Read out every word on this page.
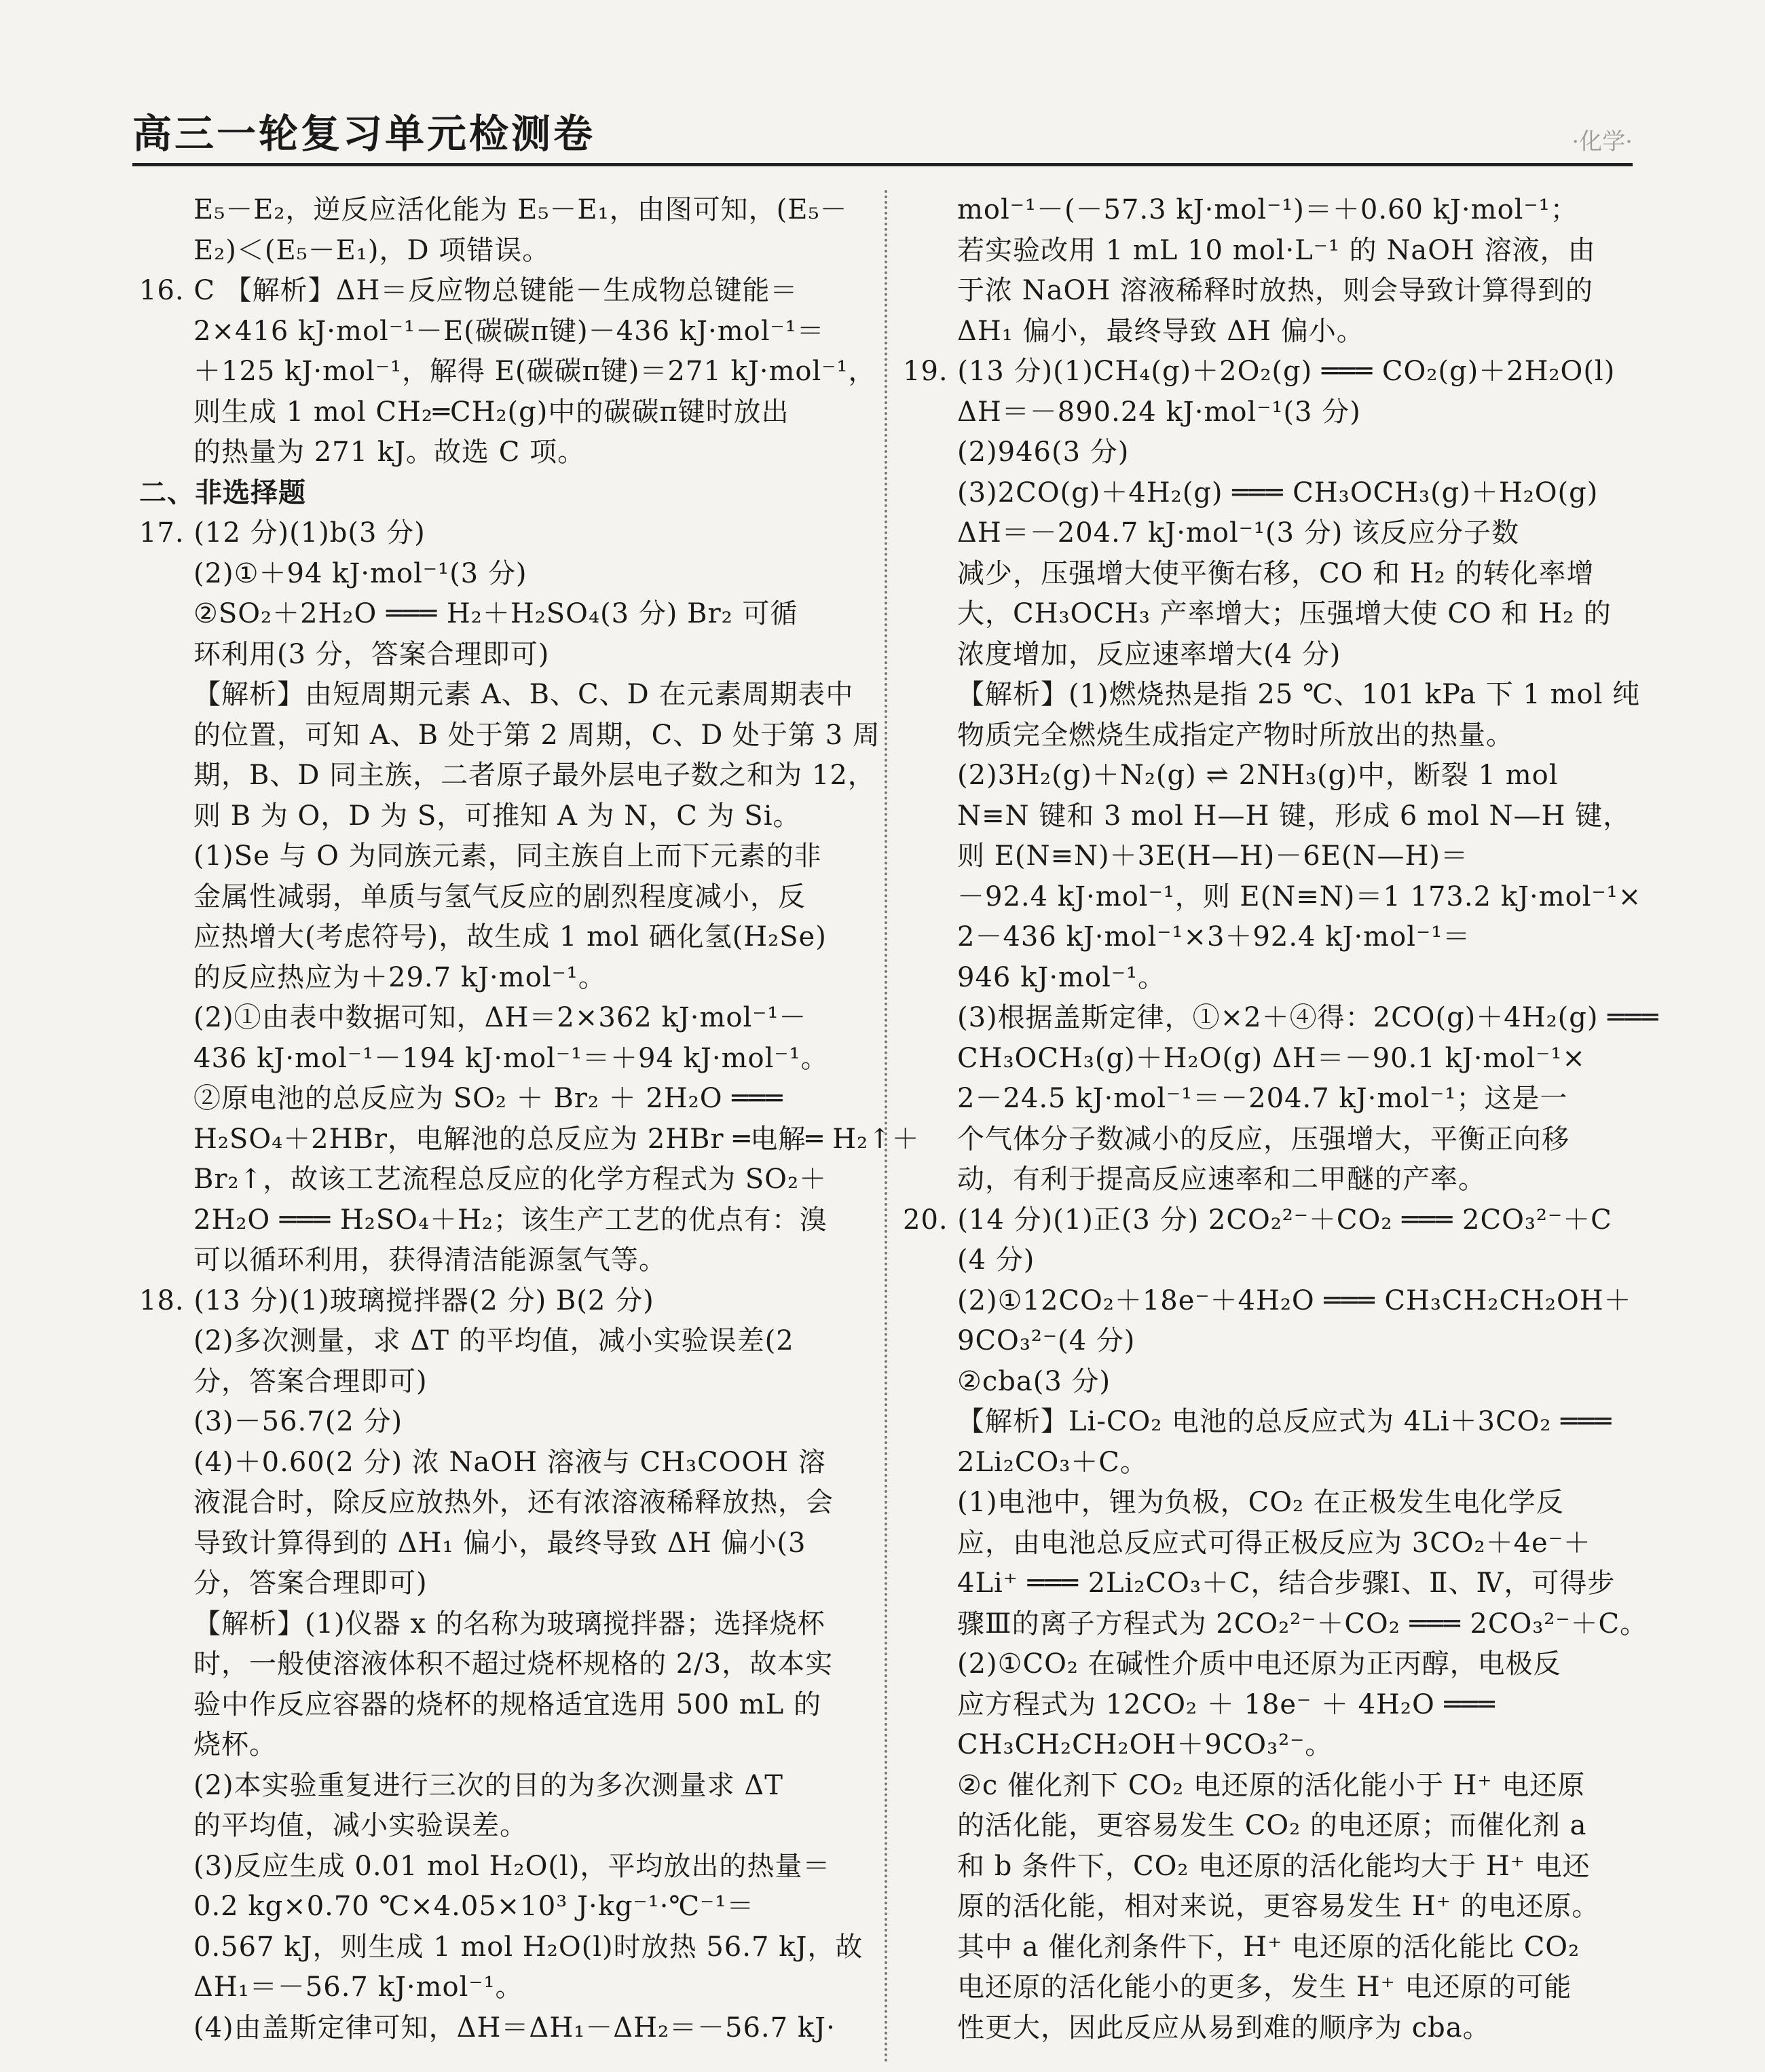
高三一轮复习单元检测卷	·化学·
E₅－E₂，逆反应活化能为 E₅－E₁，由图可知，(E₅－
E₂)＜(E₅－E₁)，D 项错误。
16. C 【解析】ΔH＝反应物总键能－生成物总键能＝
2×416 kJ·mol⁻¹－E(碳碳π键)－436 kJ·mol⁻¹＝
＋125 kJ·mol⁻¹，解得 E(碳碳π键)＝271 kJ·mol⁻¹，
则生成 1 mol CH₂═CH₂(g)中的碳碳π键时放出
的热量为 271 kJ。故选 C 项。
二、非选择题
17. (12 分)(1)b(3 分)
(2)①＋94 kJ·mol⁻¹(3 分)
②SO₂＋2H₂O ═══ H₂＋H₂SO₄(3 分) Br₂ 可循
环利用(3 分，答案合理即可)
【解析】由短周期元素 A、B、C、D 在元素周期表中
的位置，可知 A、B 处于第 2 周期，C、D 处于第 3 周
期，B、D 同主族，二者原子最外层电子数之和为 12，
则 B 为 O，D 为 S，可推知 A 为 N，C 为 Si。
(1)Se 与 O 为同族元素，同主族自上而下元素的非
金属性减弱，单质与氢气反应的剧烈程度减小，反
应热增大(考虑符号)，故生成 1 mol 硒化氢(H₂Se)
的反应热应为＋29.7 kJ·mol⁻¹。
(2)①由表中数据可知，ΔH＝2×362 kJ·mol⁻¹－
436 kJ·mol⁻¹－194 kJ·mol⁻¹＝＋94 kJ·mol⁻¹。
②原电池的总反应为 SO₂ ＋ Br₂ ＋ 2H₂O ═══
H₂SO₄＋2HBr，电解池的总反应为 2HBr ═电解═ H₂↑＋
Br₂↑，故该工艺流程总反应的化学方程式为 SO₂＋
2H₂O ═══ H₂SO₄＋H₂；该生产工艺的优点有：溴
可以循环利用，获得清洁能源氢气等。
18. (13 分)(1)玻璃搅拌器(2 分) B(2 分)
(2)多次测量，求 ΔT 的平均值，减小实验误差(2
分，答案合理即可)
(3)－56.7(2 分)
(4)＋0.60(2 分) 浓 NaOH 溶液与 CH₃COOH 溶
液混合时，除反应放热外，还有浓溶液稀释放热，会
导致计算得到的 ΔH₁ 偏小，最终导致 ΔH 偏小(3
分，答案合理即可)
【解析】(1)仪器 x 的名称为玻璃搅拌器；选择烧杯
时，一般使溶液体积不超过烧杯规格的 2/3，故本实
验中作反应容器的烧杯的规格适宜选用 500 mL 的
烧杯。
(2)本实验重复进行三次的目的为多次测量求 ΔT
的平均值，减小实验误差。
(3)反应生成 0.01 mol H₂O(l)，平均放出的热量＝
0.2 kg×0.70 ℃×4.05×10³ J·kg⁻¹·℃⁻¹＝
0.567 kJ，则生成 1 mol H₂O(l)时放热 56.7 kJ，故
ΔH₁＝－56.7 kJ·mol⁻¹。
(4)由盖斯定律可知，ΔH＝ΔH₁－ΔH₂＝－56.7 kJ·
mol⁻¹－(－57.3 kJ·mol⁻¹)＝＋0.60 kJ·mol⁻¹；
若实验改用 1 mL 10 mol·L⁻¹ 的 NaOH 溶液，由
于浓 NaOH 溶液稀释时放热，则会导致计算得到的
ΔH₁ 偏小，最终导致 ΔH 偏小。
19. (13 分)(1)CH₄(g)＋2O₂(g) ═══ CO₂(g)＋2H₂O(l)
ΔH＝－890.24 kJ·mol⁻¹(3 分)
(2)946(3 分)
(3)2CO(g)＋4H₂(g) ═══ CH₃OCH₃(g)＋H₂O(g)
ΔH＝－204.7 kJ·mol⁻¹(3 分) 该反应分子数
减少，压强增大使平衡右移，CO 和 H₂ 的转化率增
大，CH₃OCH₃ 产率增大；压强增大使 CO 和 H₂ 的
浓度增加，反应速率增大(4 分)
【解析】(1)燃烧热是指 25 ℃、101 kPa 下 1 mol 纯
物质完全燃烧生成指定产物时所放出的热量。
(2)3H₂(g)＋N₂(g) ⇌ 2NH₃(g)中，断裂 1 mol
N≡N 键和 3 mol H—H 键，形成 6 mol N—H 键，
则 E(N≡N)＋3E(H—H)－6E(N—H)＝
－92.4 kJ·mol⁻¹，则 E(N≡N)＝1 173.2 kJ·mol⁻¹×
2－436 kJ·mol⁻¹×3＋92.4 kJ·mol⁻¹＝
946 kJ·mol⁻¹。
(3)根据盖斯定律，①×2＋④得：2CO(g)＋4H₂(g) ═══
CH₃OCH₃(g)＋H₂O(g) ΔH＝－90.1 kJ·mol⁻¹×
2－24.5 kJ·mol⁻¹＝－204.7 kJ·mol⁻¹；这是一
个气体分子数减小的反应，压强增大，平衡正向移
动，有利于提高反应速率和二甲醚的产率。
20. (14 分)(1)正(3 分) 2CO₂²⁻＋CO₂ ═══ 2CO₃²⁻＋C
(4 分)
(2)①12CO₂＋18e⁻＋4H₂O ═══ CH₃CH₂CH₂OH＋
9CO₃²⁻(4 分)
②cba(3 分)
【解析】Li-CO₂ 电池的总反应式为 4Li＋3CO₂ ═══
2Li₂CO₃＋C。
(1)电池中，锂为负极，CO₂ 在正极发生电化学反
应，由电池总反应式可得正极反应为 3CO₂＋4e⁻＋
4Li⁺ ═══ 2Li₂CO₃＋C，结合步骤Ⅰ、Ⅱ、Ⅳ，可得步
骤Ⅲ的离子方程式为 2CO₂²⁻＋CO₂ ═══ 2CO₃²⁻＋C。
(2)①CO₂ 在碱性介质中电还原为正丙醇，电极反
应方程式为 12CO₂ ＋ 18e⁻ ＋ 4H₂O ═══
CH₃CH₂CH₂OH＋9CO₃²⁻。
②c 催化剂下 CO₂ 电还原的活化能小于 H⁺ 电还原
的活化能，更容易发生 CO₂ 的电还原；而催化剂 a
和 b 条件下，CO₂ 电还原的活化能均大于 H⁺ 电还
原的活化能，相对来说，更容易发生 H⁺ 的电还原。
其中 a 催化剂条件下，H⁺ 电还原的活化能比 CO₂
电还原的活化能小的更多，发生 H⁺ 电还原的可能
性更大，因此反应从易到难的顺序为 cba。
